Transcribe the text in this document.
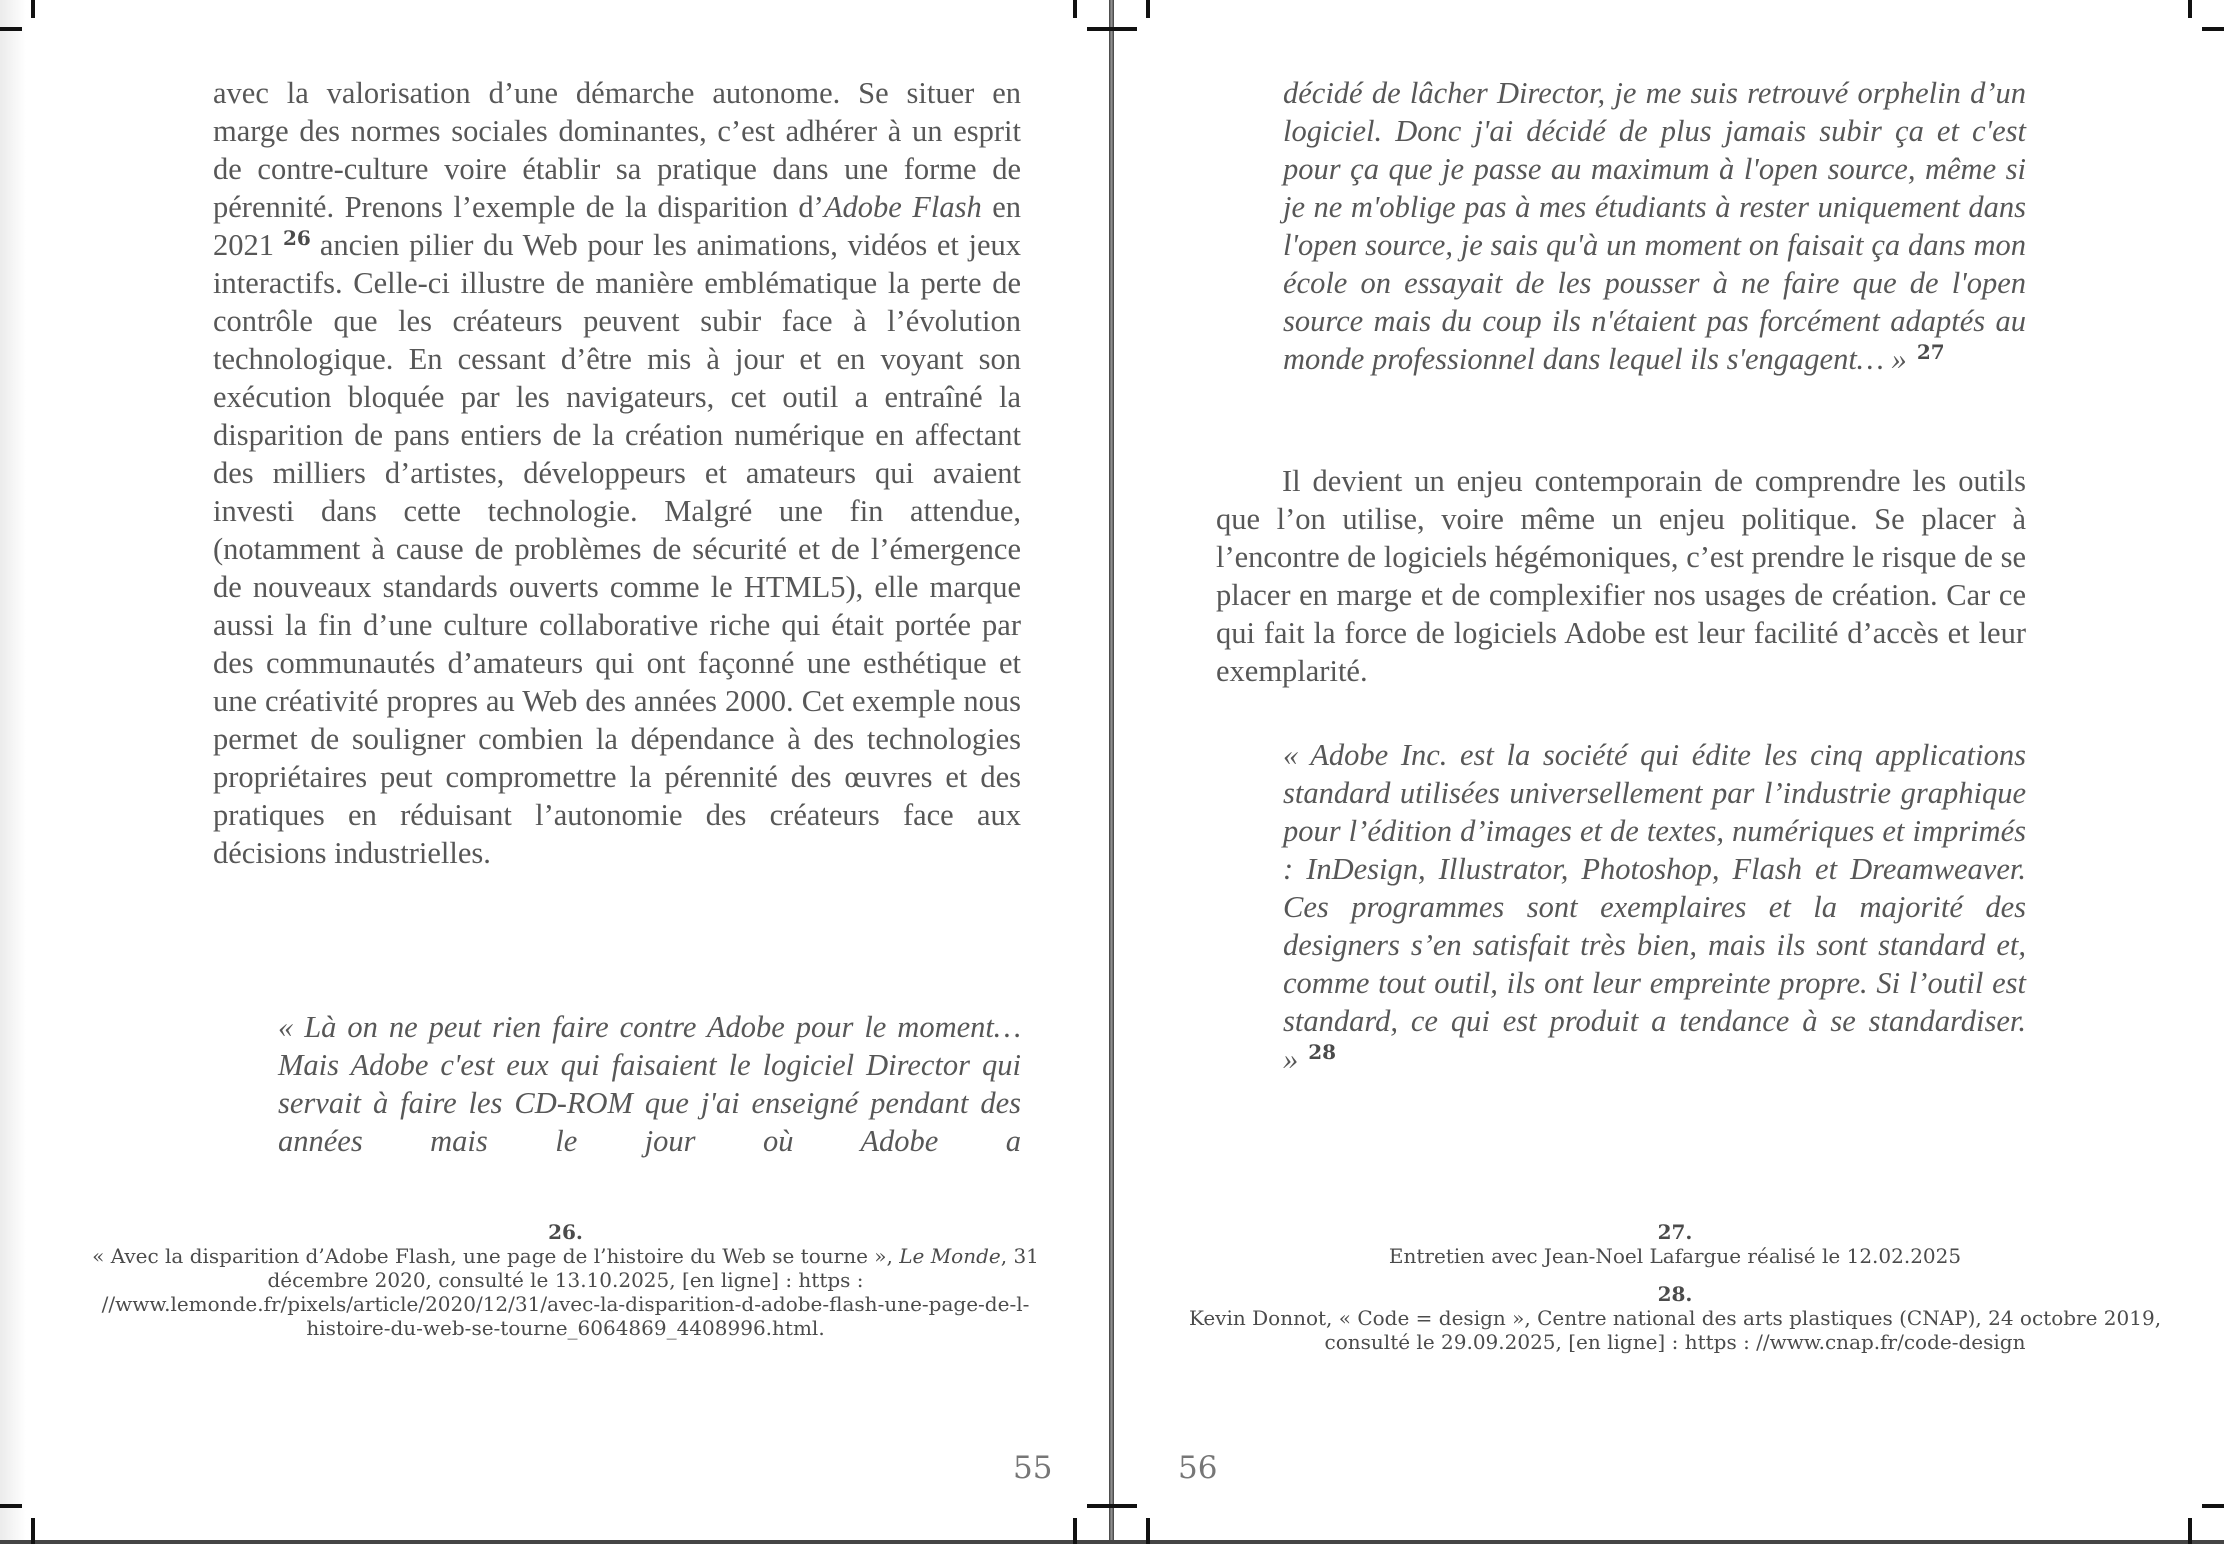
avec la valorisation d’une démarche autonome. Se situer en marge des normes sociales dominantes, c’est adhérer à un esprit de contre-culture voire établir sa pratique dans une forme de pérennité. Prenons l’exemple de la disparition d’Adobe Flash en 2021 $^{26}$ ancien pilier du Web pour les animations, vidéos et jeux interactifs. Celle-ci illustre de manière emblématique la perte de contrôle que les créateurs peuvent subir face à l’évolution technologique. En cessant d’être mis à jour et en voyant son exécution bloquée par les navigateurs, cet outil a entraîné la disparition de pans entiers de la création numérique en affectant des milliers d’artistes, développeurs et amateurs qui avaient investi dans cette technologie. Malgré une fin attendue, (notamment à cause de problèmes de sécurité et de l’émergence de nouveaux standards ouverts comme le HTML5), elle marque aussi la fin d’une culture collaborative riche qui était portée par des communautés d’amateurs qui ont façonné une esthétique et une créativité propres au Web des années 2000. Cet exemple nous permet de souligner combien la dépendance à des technologies propriétaires peut compromettre la pérennité des œuvres et des pratiques en réduisant l’autonomie des créateurs face aux décisions industrielles.
« Là on ne peut rien faire contre Adobe pour le moment… Mais Adobe c'est eux qui faisaient le logiciel Director qui servait à faire les CD-ROM que j'ai enseigné pendant des années mais le jour où Adobe a
26.
« Avec la disparition d’Adobe Flash, une page de l’histoire du Web se tourne », Le Monde, 31 décembre 2020, consulté le 13.10.2025, [en ligne] : https : //www.lemonde.fr/pixels/article/2020/12/31/avec-la-disparition-d-adobe-flash-une-page-de-l-histoire-du-web-se-tourne_6064869_4408996.html.
55
décidé de lâcher Director, je me suis retrouvé orphelin d’un logiciel. Donc j'ai décidé de plus jamais subir ça et c'est pour ça que je passe au maximum à l'open source, même si je ne m'oblige pas à mes étudiants à rester uniquement dans l'open source, je sais qu'à un moment on faisait ça dans mon école on essayait de les pousser à ne faire que de l'open source mais du coup ils n'étaient pas forcément adaptés au monde professionnel dans lequel ils s'engagent… » $^{27}$
Il devient un enjeu contemporain de comprendre les outils que l’on utilise, voire même un enjeu politique. Se placer à l’encontre de logiciels hégémoniques, c’est prendre le risque de se placer en marge et de complexifier nos usages de création. Car ce qui fait la force de logiciels Adobe est leur facilité d’accès et leur exemplarité.
« Adobe Inc. est la société qui édite les cinq applications standard utilisées universellement par l’industrie graphique pour l’édition d’images et de textes, numériques et imprimés : InDesign, Illustrator, Photoshop, Flash et Dreamweaver. Ces programmes sont exemplaires et la majorité des designers s’en satisfait très bien, mais ils sont standard et, comme tout outil, ils ont leur empreinte propre. Si l’outil est standard, ce qui est produit a tendance à se standardiser. » $^{28}$
27.
Entretien avec Jean-Noel Lafargue réalisé le 12.02.2025
28.
Kevin Donnot, « Code = design », Centre national des arts plastiques (CNAP), 24 octobre 2019, consulté le 29.09.2025, [en ligne] : https : //www.cnap.fr/code-design
56
